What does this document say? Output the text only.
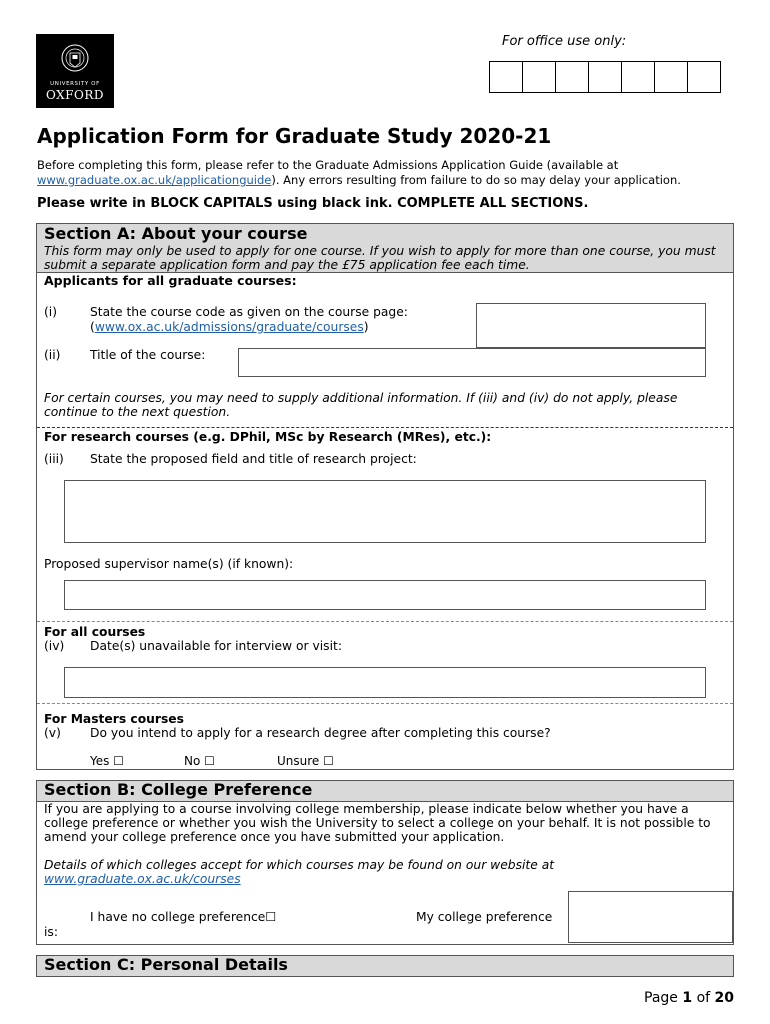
UNIVERSITY OF
OXFORD
For office use only:
Application Form for Graduate Study 2020-21
Before completing this form, please refer to the Graduate Admissions Application Guide (available at
www.graduate.ox.ac.uk/applicationguide). Any errors resulting from failure to do so may delay your application.
Please write in BLOCK CAPITALS using black ink. COMPLETE ALL SECTIONS.
Section A: About your course
This form may only be used to apply for one course. If you wish to apply for more than one course, you must submit a separate application form and pay the £75 application fee each time.
Applicants for all graduate courses:
(i)	State the course code as given on the course page:
(www.ox.ac.uk/admissions/graduate/courses)
(ii) Title of the course:
For certain courses, you may need to supply additional information. If (iii) and (iv) do not apply, please continue to the next question.
For research courses (e.g. DPhil, MSc by Research (MRes), etc.):
(iii) State the proposed field and title of research project:
Proposed supervisor name(s) (if known):
For all courses
(iv) Date(s) unavailable for interview or visit:
For Masters courses
(v) Do you intend to apply for a research degree after completing this course?
Yes ☐	No ☐	Unsure ☐
Section B: College Preference
If you are applying to a course involving college membership, please indicate below whether you have a college preference or whether you wish the University to select a college on your behalf. It is not possible to amend your college preference once you have submitted your application.
Details of which colleges accept for which courses may be found on our website at
www.graduate.ox.ac.uk/courses
I have no college preference☐	My college preference
is:
Section C: Personal Details
Page 1 of 20
